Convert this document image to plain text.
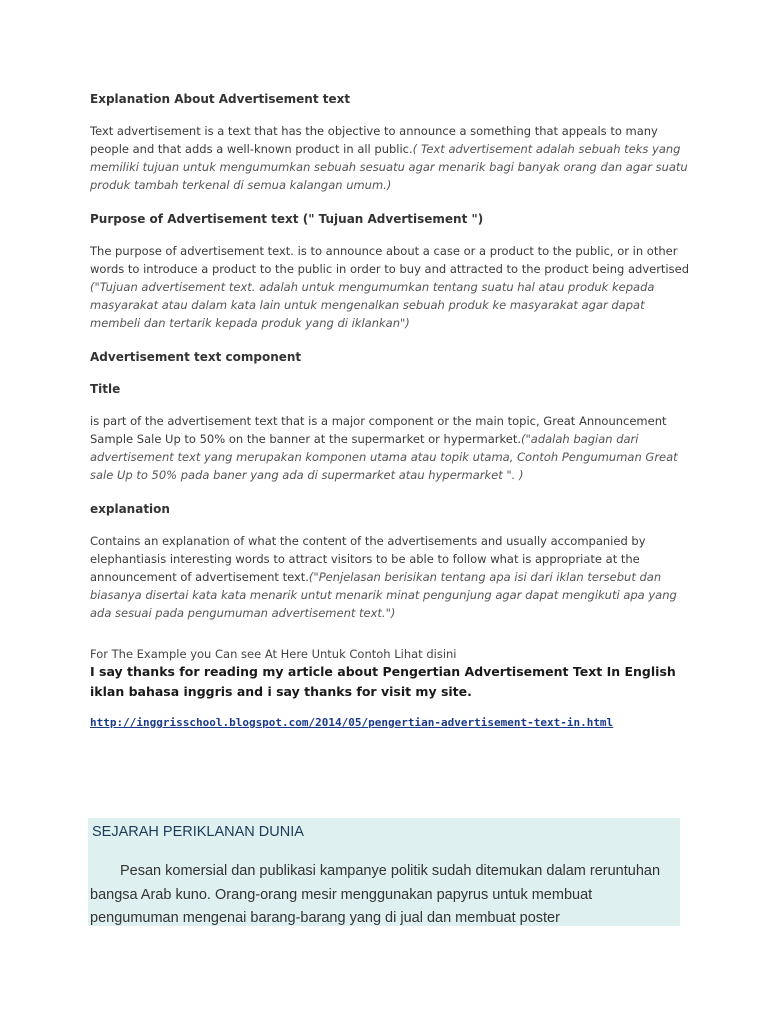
Explanation About Advertisement text

Text advertisement is a text that has the objective to announce a something that appeals to many people and that adds a well-known product in all public.( Text advertisement adalah sebuah teks yang memiliki tujuan untuk mengumumkan sebuah sesuatu agar menarik bagi banyak orang dan agar suatu produk tambah terkenal di semua kalangan umum.)

Purpose of Advertisement text (" Tujuan Advertisement ")

The purpose of advertisement text. is to announce about a case or a product to the public, or in other words to introduce a product to the public in order to buy and attracted to the product being advertised ("Tujuan advertisement text. adalah untuk mengumumkan tentang suatu hal atau produk kepada masyarakat atau dalam kata lain untuk mengenalkan sebuah produk ke masyarakat agar dapat membeli dan tertarik kepada produk yang di iklankan")

Advertisement text component

Title

is part of the advertisement text that is a major component or the main topic, Great Announcement Sample Sale Up to 50% on the banner at the supermarket or hypermarket.("adalah bagian dari advertisement text yang merupakan komponen utama atau topik utama, Contoh Pengumuman Great sale Up to 50% pada baner yang ada di supermarket atau hypermarket ". )

explanation

Contains an explanation of what the content of the advertisements and usually accompanied by elephantiasis interesting words to attract visitors to be able to follow what is appropriate at the announcement of advertisement text.("Penjelasan berisikan tentang apa isi dari iklan tersebut dan biasanya disertai kata kata menarik untut menarik minat pengunjung agar dapat mengikuti apa yang ada sesuai pada pengumuman advertisement text.")

For The Example you Can see At Here Untuk Contoh Lihat disini

I say thanks for reading my article about Pengertian Advertisement Text In English iklan bahasa inggris and i say thanks for visit my site.

http://inggrisschool.blogspot.com/2014/05/pengertian-advertisement-text-in.html
SEJARAH PERIKLANAN DUNIA
Pesan komersial dan publikasi kampanye politik sudah ditemukan dalam reruntuhan bangsa Arab kuno. Orang-orang mesir menggunakan papyrus untuk membuat pengumuman mengenai barang-barang yang di jual dan membuat poster
